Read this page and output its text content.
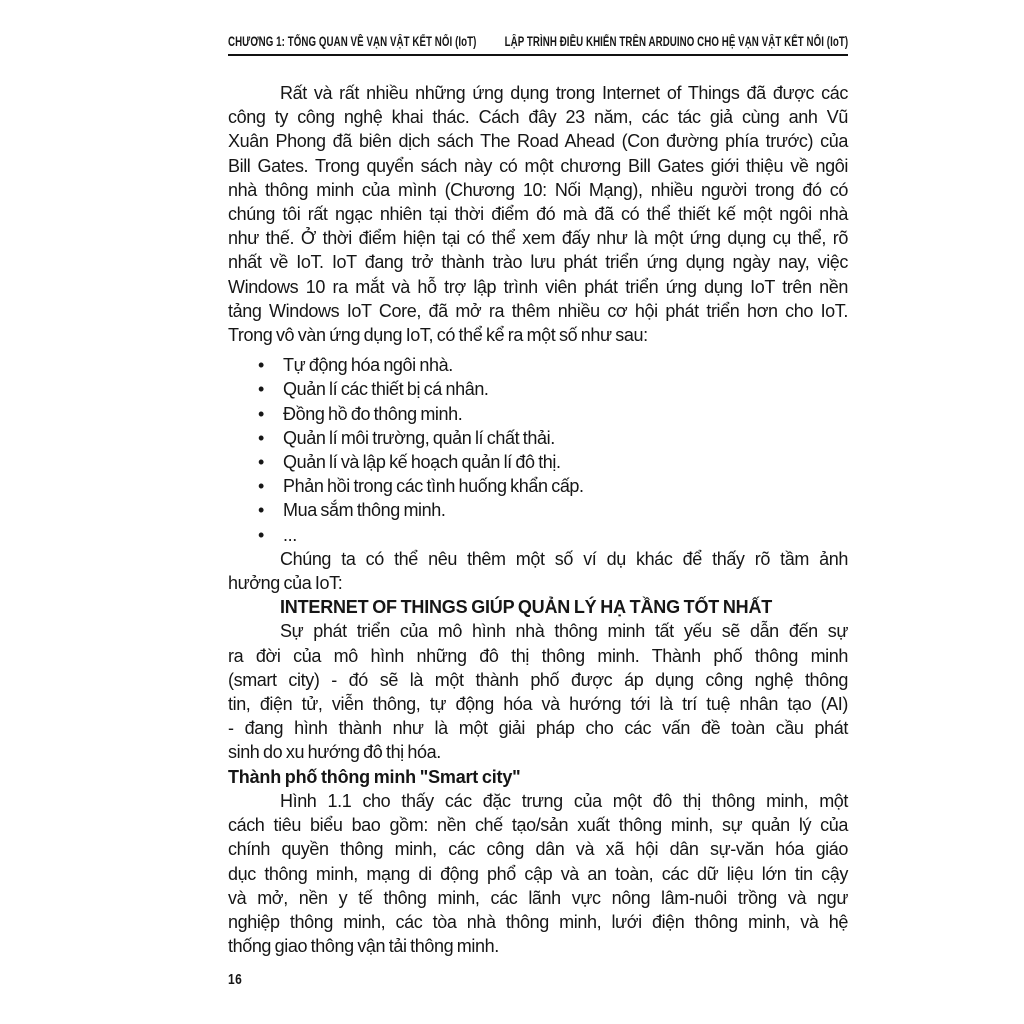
CHƯƠNG 1: TỔNG QUAN VỀ VẠN VẬT KẾT NỐI (IoT) LẬP TRÌNH ĐIỀU KHIỂN TRÊN ARDUINO CHO HỆ VẠN VẬT KẾT NỐI (IoT)
Rất và rất nhiều những ứng dụng trong Internet of Things đã được các
công ty công nghệ khai thác. Cách đây 23 năm, các tác giả cùng anh Vũ
Xuân Phong đã biên dịch sách The Road Ahead (Con đường phía trước) của
Bill Gates. Trong quyển sách này có một chương Bill Gates giới thiệu về ngôi
nhà thông minh của mình (Chương 10: Nối Mạng), nhiều người trong đó có
chúng tôi rất ngạc nhiên tại thời điểm đó mà đã có thể thiết kế một ngôi nhà
như thế. Ở thời điểm hiện tại có thể xem đấy như là một ứng dụng cụ thể, rõ
nhất về IoT. IoT đang trở thành trào lưu phát triển ứng dụng ngày nay, việc
Windows 10 ra mắt và hỗ trợ lập trình viên phát triển ứng dụng IoT trên nền
tảng Windows IoT Core, đã mở ra thêm nhiều cơ hội phát triển hơn cho IoT.
Trong vô vàn ứng dụng IoT, có thể kể ra một số như sau:
• Tự động hóa ngôi nhà.
• Quản lí các thiết bị cá nhân.
• Đồng hồ đo thông minh.
• Quản lí môi trường, quản lí chất thải.
• Quản lí và lập kế hoạch quản lí đô thị.
• Phản hồi trong các tình huống khẩn cấp.
• Mua sắm thông minh.
• ...
Chúng ta có thể nêu thêm một số ví dụ khác để thấy rõ tầm ảnh
hưởng của IoT:
INTERNET OF THINGS GIÚP QUẢN LÝ HẠ TẦNG TỐT NHẤT
Sự phát triển của mô hình nhà thông minh tất yếu sẽ dẫn đến sự
ra đời của mô hình những đô thị thông minh. Thành phố thông minh
(smart city) - đó sẽ là một thành phố được áp dụng công nghệ thông
tin, điện tử, viễn thông, tự động hóa và hướng tới là trí tuệ nhân tạo (AI)
- đang hình thành như là một giải pháp cho các vấn đề toàn cầu phát
sinh do xu hướng đô thị hóa.
Thành phố thông minh "Smart city"
Hình 1.1 cho thấy các đặc trưng của một đô thị thông minh, một
cách tiêu biểu bao gồm: nền chế tạo/sản xuất thông minh, sự quản lý của
chính quyền thông minh, các công dân và xã hội dân sự-văn hóa giáo
dục thông minh, mạng di động phổ cập và an toàn, các dữ liệu lớn tin cậy
và mở, nền y tế thông minh, các lãnh vực nông lâm-nuôi trồng và ngư
nghiệp thông minh, các tòa nhà thông minh, lưới điện thông minh, và hệ
thống giao thông vận tải thông minh.
16
